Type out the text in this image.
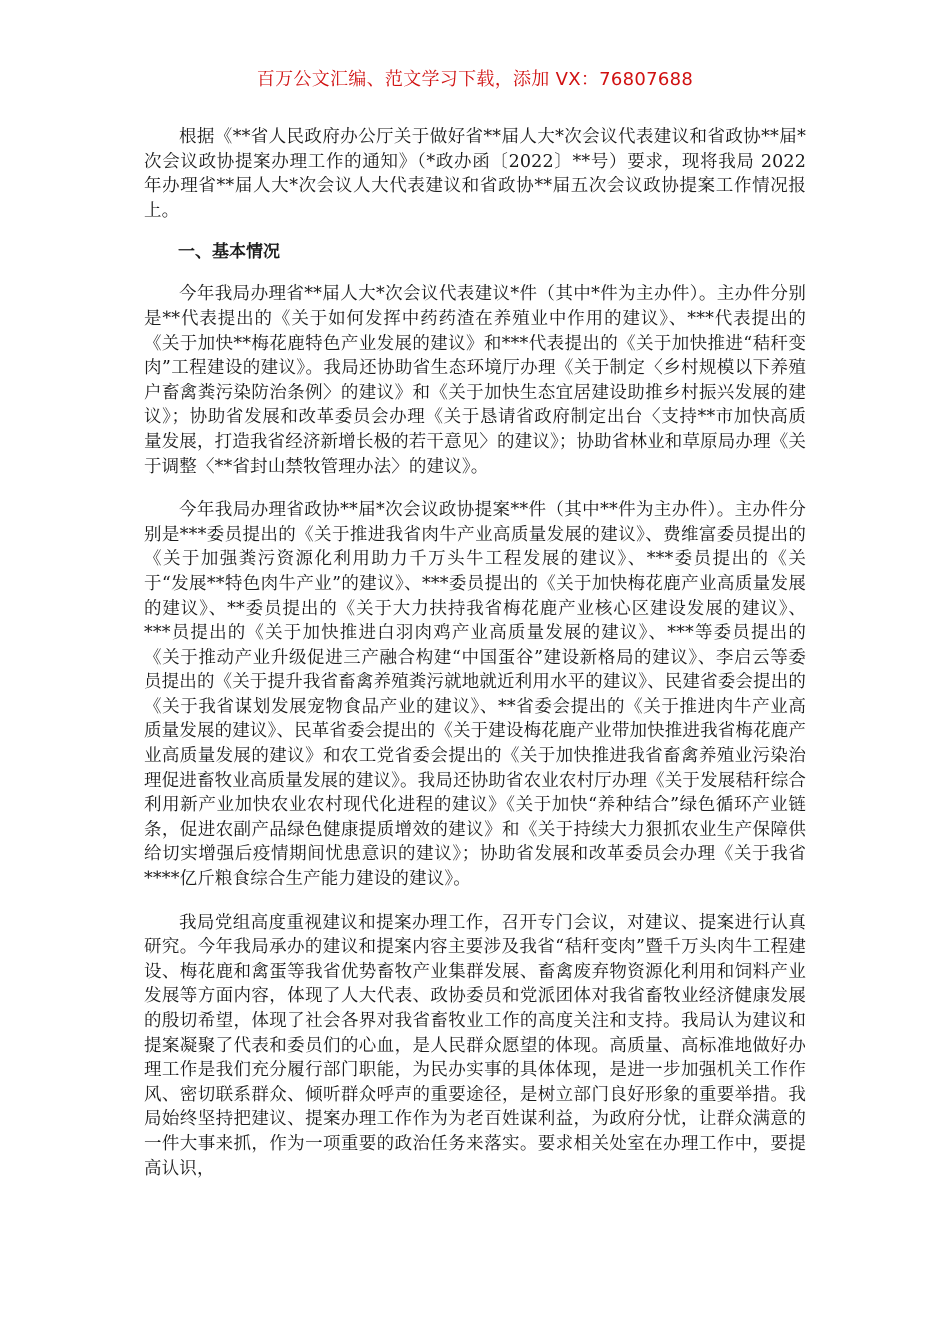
百万公文汇编、范文学习下载，添加 VX：76807688

根据《**省人民政府办公厅关于做好省**届人大*次会议代表建议和省政协**届*次会议政协提案办理工作的通知》（*政办函〔2022〕**号）要求，现将我局 2022 年办理省**届人大*次会议人大代表建议和省政协**届五次会议政协提案工作情况报上。

一、基本情况

今年我局办理省**届人大*次会议代表建议*件（其中*件为主办件）。主办件分别是**代表提出的《关于如何发挥中药药渣在养殖业中作用的建议》、***代表提出的《关于加快**梅花鹿特色产业发展的建议》和***代表提出的《关于加快推进“秸秆变肉”工程建设的建议》。我局还协助省生态环境厅办理《关于制定〈乡村规模以下养殖户畜禽粪污染防治条例〉的建议》和《关于加快生态宜居建设助推乡村振兴发展的建议》；协助省发展和改革委员会办理《关于恳请省政府制定出台〈支持**市加快高质量发展，打造我省经济新增长极的若干意见〉的建议》；协助省林业和草原局办理《关于调整〈**省封山禁牧管理办法〉的建议》。

今年我局办理省政协**届*次会议政协提案**件（其中**件为主办件）。主办件分别是***委员提出的《关于推进我省肉牛产业高质量发展的建议》、费维富委员提出的《关于加强粪污资源化利用助力千万头牛工程发展的建议》、***委员提出的《关于“发展**特色肉牛产业”的建议》、***委员提出的《关于加快梅花鹿产业高质量发展的建议》、**委员提出的《关于大力扶持我省梅花鹿产业核心区建设发展的建议》、***员提出的《关于加快推进白羽肉鸡产业高质量发展的建议》、***等委员提出的《关于推动产业升级促进三产融合构建“中国蛋谷”建设新格局的建议》、李启云等委员提出的《关于提升我省畜禽养殖粪污就地就近利用水平的建议》、民建省委会提出的《关于我省谋划发展宠物食品产业的建议》、**省委会提出的《关于推进肉牛产业高质量发展的建议》、民革省委会提出的《关于建设梅花鹿产业带加快推进我省梅花鹿产业高质量发展的建议》和农工党省委会提出的《关于加快推进我省畜禽养殖业污染治理促进畜牧业高质量发展的建议》。我局还协助省农业农村厅办理《关于发展秸秆综合利用新产业加快农业农村现代化进程的建议》《关于加快“养种结合”绿色循环产业链条，促进农副产品绿色健康提质增效的建议》和《关于持续大力狠抓农业生产保障供给切实增强后疫情期间忧患意识的建议》；协助省发展和改革委员会办理《关于我省****亿斤粮食综合生产能力建设的建议》。

我局党组高度重视建议和提案办理工作，召开专门会议，对建议、提案进行认真研究。今年我局承办的建议和提案内容主要涉及我省“秸秆变肉”暨千万头肉牛工程建设、梅花鹿和禽蛋等我省优势畜牧产业集群发展、畜禽废弃物资源化利用和饲料产业发展等方面内容，体现了人大代表、政协委员和党派团体对我省畜牧业经济健康发展的殷切希望，体现了社会各界对我省畜牧业工作的高度关注和支持。我局认为建议和提案凝聚了代表和委员们的心血，是人民群众愿望的体现。高质量、高标准地做好办理工作是我们充分履行部门职能，为民办实事的具体体现，是进一步加强机关工作作风、密切联系群众、倾听群众呼声的重要途径，是树立部门良好形象的重要举措。我局始终坚持把建议、提案办理工作作为为老百姓谋利益，为政府分忧，让群众满意的一件大事来抓，作为一项重要的政治任务来落实。要求相关处室在办理工作中，要提高认识，
